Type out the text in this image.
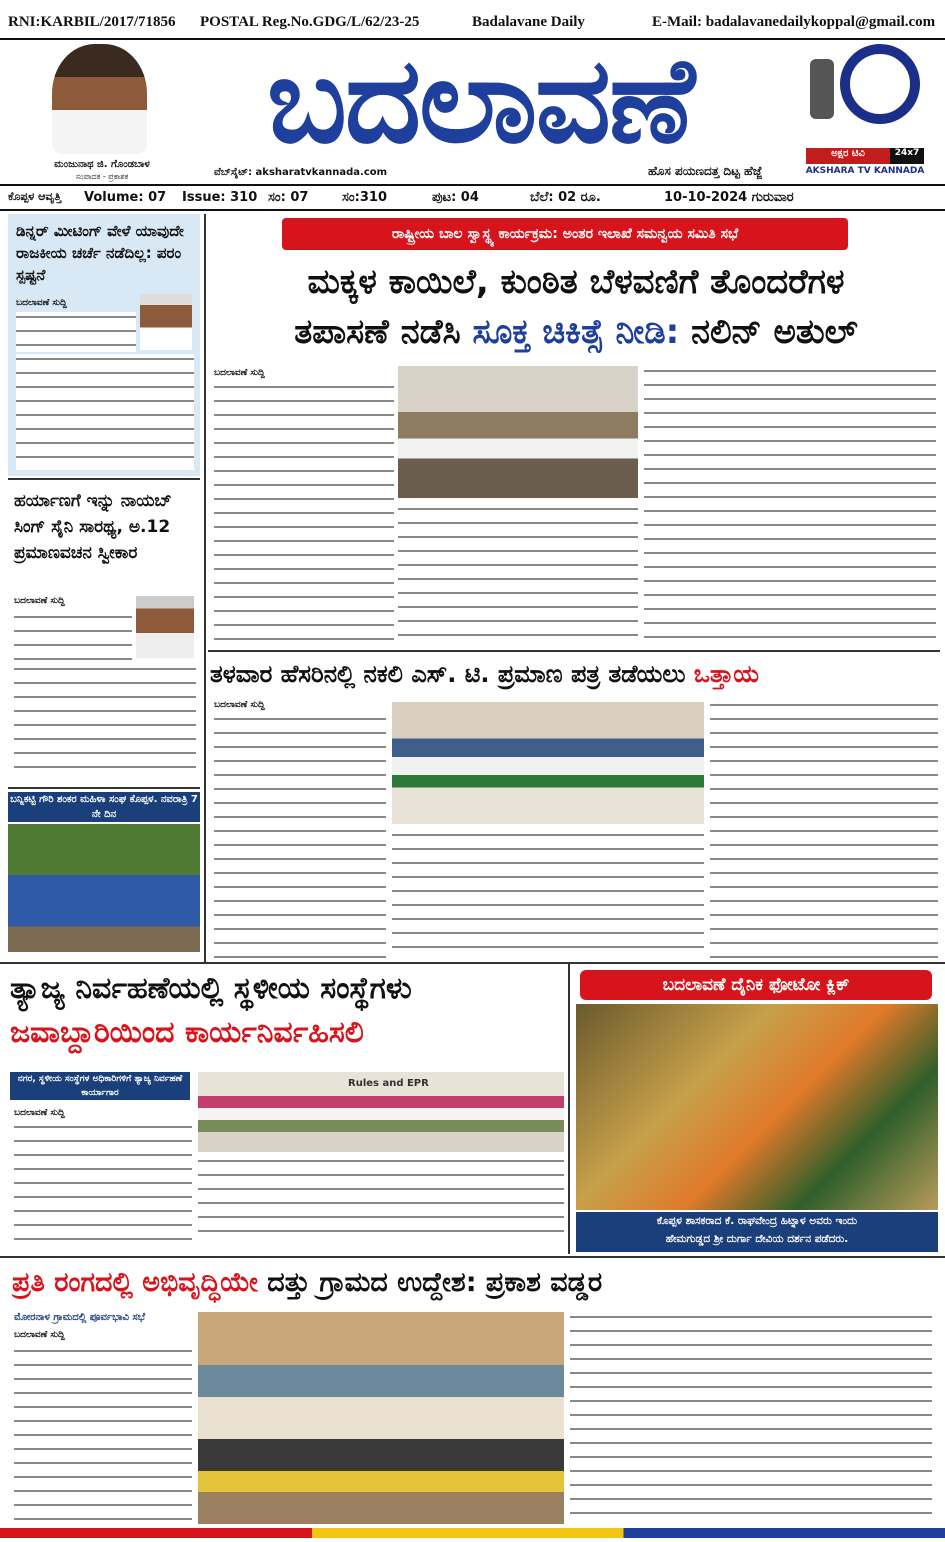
RNI:KARBIL/2017/71856 POSTAL Reg.No.GDG/L/62/23-25	Badalavane Daily	E-Mail: badalavanedailykoppal@gmail.com
ಮಂಜುನಾಥ ಜಿ. ಗೊಂಡಬಾಳ
ಸಂಪಾದಕ - ಪ್ರಕಾಶಕ
ಬದಲಾವಣೆ
ವೆಬ್‌ಸೈಟ್: aksharatvkannada.com	ಹೊಸ ಪಯಣದತ್ತ ದಿಟ್ಟ ಹೆಜ್ಜೆ
ಅಕ್ಷರ ಟಿವಿ	24x7
AKSHARA TV KANNADA
ಕೊಪ್ಪಳ ಆವೃತ್ತಿ Volume: 07 Issue: 310 ಸಂ: 07	ಸಂ:310	ಪುಟ: 04	ಬೆಲೆ: 02 ರೂ.	10-10-2024 ಗುರುವಾರ
ಡಿನ್ನರ್ ಮೀಟಿಂಗ್ ವೇಳೆ ಯಾವುದೇ ರಾಜಕೀಯ ಚರ್ಚೆ ನಡೆದಿಲ್ಲ: ಪರಂ ಸ್ಪಷ್ಟನೆ
ಬದಲಾವಣೆ ಸುದ್ದಿ
ಹರ್ಯಾಣಗೆ ಇನ್ನು ನಾಯಬ್ ಸಿಂಗ್ ಸೈನಿ ಸಾರಥ್ಯ, ಅ.12 ಪ್ರಮಾಣವಚನ ಸ್ವೀಕಾರ
ಬದಲಾವಣೆ ಸುದ್ದಿ
ಬನ್ನಿಕಟ್ಟಿ ಗೌರಿ ಶಂಕರ ಮಹಿಳಾ ಸಂಘ ಕೊಪ್ಪಳ. ನವರಾತ್ರಿ 7 ನೇ ದಿನ
ರಾಷ್ಟ್ರೀಯ ಬಾಲ ಸ್ವಾಸ್ಥ್ಯ ಕಾರ್ಯಕ್ರಮ: ಅಂತರ ಇಲಾಖೆ ಸಮನ್ವಯ ಸಮಿತಿ ಸಭೆ
ಮಕ್ಕಳ ಕಾಯಿಲೆ, ಕುಂಠಿತ ಬೆಳವಣಿಗೆ ತೊಂದರೆಗಳ
ತಪಾಸಣೆ ನಡೆಸಿ ಸೂಕ್ತ ಚಿಕಿತ್ಸೆ ನೀಡಿ: ನಲಿನ್ ಅತುಲ್
ಬದಲಾವಣೆ ಸುದ್ದಿ
ತಳವಾರ ಹೆಸರಿನಲ್ಲಿ ನಕಲಿ ಎಸ್. ಟಿ. ಪ್ರಮಾಣ ಪತ್ರ ತಡೆಯಲು ಒತ್ತಾಯ
ಬದಲಾವಣೆ ಸುದ್ದಿ
ತ್ಯಾಜ್ಯ ನಿರ್ವಹಣೆಯಲ್ಲಿ ಸ್ಥಳೀಯ ಸಂಸ್ಥೆಗಳು
ಜವಾಬ್ದಾರಿಯಿಂದ ಕಾರ್ಯನಿರ್ವಹಿಸಲಿ
ನಗರ, ಸ್ಥಳೀಯ ಸಂಸ್ಥೆಗಳ ಅಧಿಕಾರಿಗಳಿಗೆ ತ್ಯಾಜ್ಯ ನಿರ್ವಹಣೆ ಕಾರ್ಯಾಗಾರ
ಬದಲಾವಣೆ ಸುದ್ದಿ
Rules and EPR
ಬದಲಾವಣೆ ದೈನಿಕ ಫೋಟೋ ಕ್ಲಿಕ್
ಕೊಪ್ಪಳ ಶಾಸಕರಾದ ಕೆ. ರಾಘವೇಂದ್ರ ಹಿಟ್ನಾಳ ಅವರು ಇಂದು
ಹೇಮಗುಡ್ಡದ ಶ್ರೀ ದುರ್ಗಾ ದೇವಿಯ ದರ್ಶನ ಪಡೆದರು.
ಪ್ರತಿ ರಂಗದಲ್ಲಿ ಅಭಿವೃದ್ಧಿಯೇ ದತ್ತು ಗ್ರಾಮದ ಉದ್ದೇಶ: ಪ್ರಕಾಶ ವಡ್ಡರ
ಮೋರನಾಳ ಗ್ರಾಮದಲ್ಲಿ ಪೂರ್ವಭಾವಿ ಸಭೆ
ಬದಲಾವಣೆ ಸುದ್ದಿ
